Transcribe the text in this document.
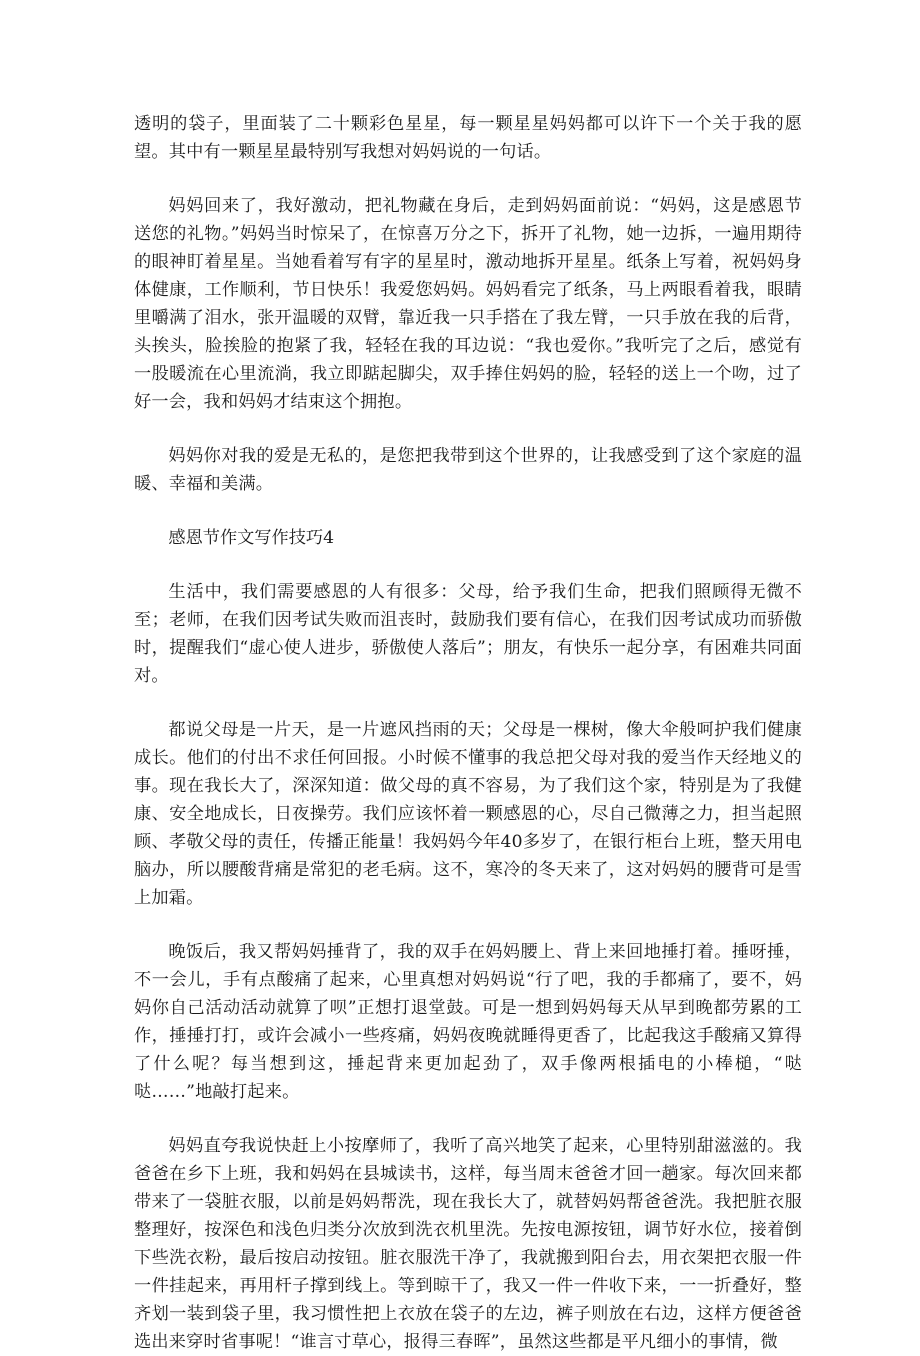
透明的袋子，里面装了二十颗彩色星星，每一颗星星妈妈都可以许下一个关于我的愿望。其中有一颗星星最特别写我想对妈妈说的一句话。

妈妈回来了，我好激动，把礼物藏在身后，走到妈妈面前说：“妈妈，这是感恩节送您的礼物。”妈妈当时惊呆了，在惊喜万分之下，拆开了礼物，她一边拆，一遍用期待的眼神盯着星星。当她看着写有字的星星时，激动地拆开星星。纸条上写着，祝妈妈身体健康，工作顺利，节日快乐！我爱您妈妈。妈妈看完了纸条，马上两眼看着我，眼睛里嚼满了泪水，张开温暖的双臂，靠近我一只手搭在了我左臂，一只手放在我的后背，头挨头，脸挨脸的抱紧了我，轻轻在我的耳边说：“我也爱你。”我听完了之后，感觉有一股暖流在心里流淌，我立即踮起脚尖，双手捧住妈妈的脸，轻轻的送上一个吻，过了好一会，我和妈妈才结束这个拥抱。

妈妈你对我的爱是无私的，是您把我带到这个世界的，让我感受到了这个家庭的温暖、幸福和美满。

感恩节作文写作技巧4

生活中，我们需要感恩的人有很多：父母，给予我们生命，把我们照顾得无微不至；老师，在我们因考试失败而沮丧时，鼓励我们要有信心，在我们因考试成功而骄傲时，提醒我们“虚心使人进步，骄傲使人落后”；朋友，有快乐一起分享，有困难共同面对。

都说父母是一片天，是一片遮风挡雨的天；父母是一棵树，像大伞般呵护我们健康成长。他们的付出不求任何回报。小时候不懂事的我总把父母对我的爱当作天经地义的事。现在我长大了，深深知道：做父母的真不容易，为了我们这个家，特别是为了我健康、安全地成长，日夜操劳。我们应该怀着一颗感恩的心，尽自己微薄之力，担当起照顾、孝敬父母的责任，传播正能量！我妈妈今年40多岁了，在银行柜台上班，整天用电脑办，所以腰酸背痛是常犯的老毛病。这不，寒冷的冬天来了，这对妈妈的腰背可是雪上加霜。

晚饭后，我又帮妈妈捶背了，我的双手在妈妈腰上、背上来回地捶打着。捶呀捶，不一会儿，手有点酸痛了起来，心里真想对妈妈说“行了吧，我的手都痛了，要不，妈妈你自己活动活动就算了呗”正想打退堂鼓。可是一想到妈妈每天从早到晚都劳累的工作，捶捶打打，或许会减小一些疼痛，妈妈夜晚就睡得更香了，比起我这手酸痛又算得了什么呢？每当想到这，捶起背来更加起劲了，双手像两根插电的小棒槌，“哒哒……”地敲打起来。

妈妈直夸我说快赶上小按摩师了，我听了高兴地笑了起来，心里特别甜滋滋的。我爸爸在乡下上班，我和妈妈在县城读书，这样，每当周末爸爸才回一趟家。每次回来都带来了一袋脏衣服，以前是妈妈帮洗，现在我长大了，就替妈妈帮爸爸洗。我把脏衣服整理好，按深色和浅色归类分次放到洗衣机里洗。先按电源按钮，调节好水位，接着倒下些洗衣粉，最后按启动按钮。脏衣服洗干净了，我就搬到阳台去，用衣架把衣服一件一件挂起来，再用杆子撑到线上。等到晾干了，我又一件一件收下来，一一折叠好，整齐划一装到袋子里，我习惯性把上衣放在袋子的左边，裤子则放在右边，这样方便爸爸选出来穿时省事呢！“谁言寸草心，报得三春晖”，虽然这些都是平凡细小的事情，微
